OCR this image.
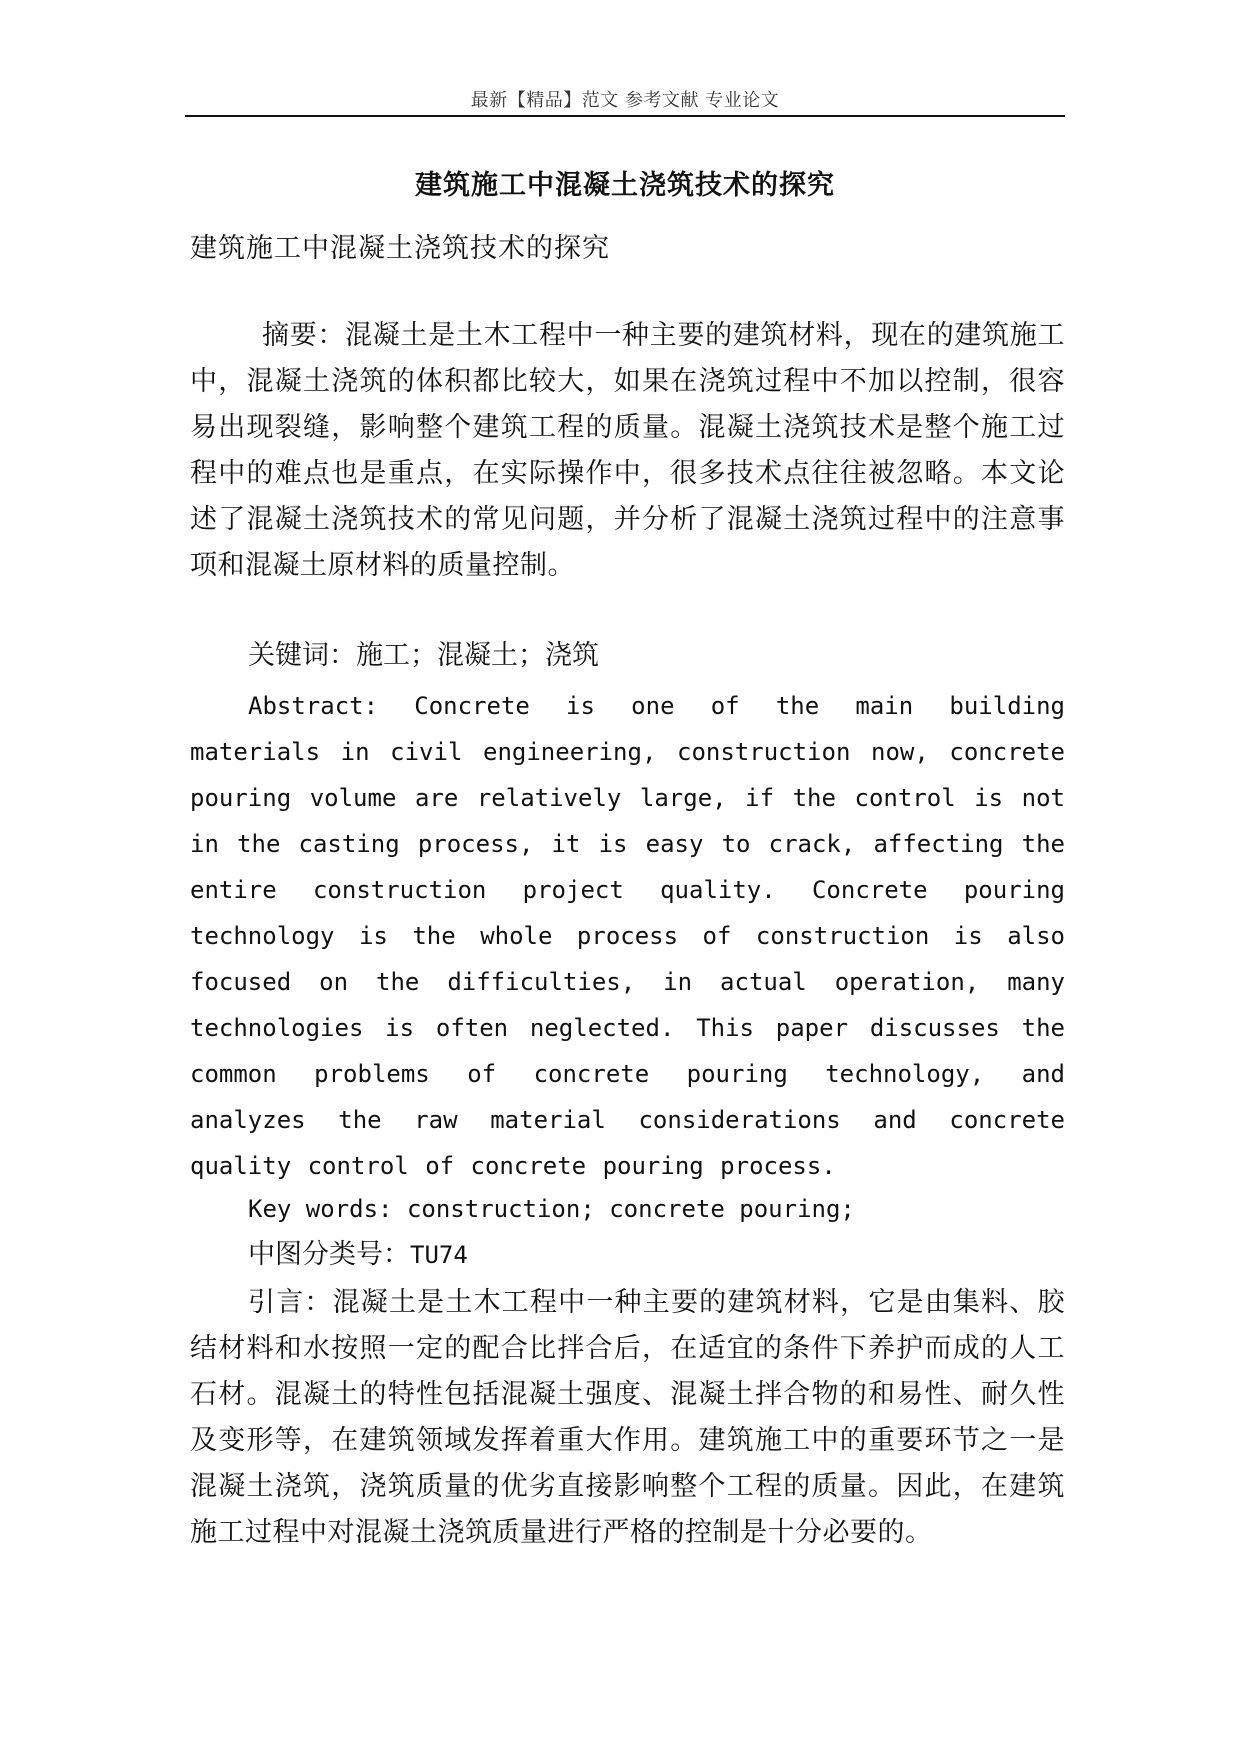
最新【精品】范文 参考文献 专业论文
建筑施工中混凝土浇筑技术的探究
建筑施工中混凝土浇筑技术的探究

摘要：混凝土是土木工程中一种主要的建筑材料，现在的建筑施工中，混凝土浇筑的体积都比较大，如果在浇筑过程中不加以控制，很容易出现裂缝，影响整个建筑工程的质量。混凝土浇筑技术是整个施工过程中的难点也是重点，在实际操作中，很多技术点往往被忽略。本文论述了混凝土浇筑技术的常见问题，并分析了混凝土浇筑过程中的注意事项和混凝土原材料的质量控制。

关键词：施工；混凝土；浇筑

Abstract: Concrete is one of the main building materials in civil engineering, construction now, concrete pouring volume are relatively large, if the control is not in the casting process, it is easy to crack, affecting the entire construction project quality. Concrete pouring technology is the whole process of construction is also focused on the difficulties, in actual operation, many technologies is often neglected. This paper discusses the common problems of concrete pouring technology, and analyzes the raw material considerations and concrete quality control of concrete pouring process.

Key words: construction; concrete pouring;

中图分类号：TU74

引言：混凝土是土木工程中一种主要的建筑材料，它是由集料、胶结材料和水按照一定的配合比拌合后，在适宜的条件下养护而成的人工石材。混凝土的特性包括混凝土强度、混凝土拌合物的和易性、耐久性及变形等，在建筑领域发挥着重大作用。建筑施工中的重要环节之一是混凝土浇筑，浇筑质量的优劣直接影响整个工程的质量。因此，在建筑施工过程中对混凝土浇筑质量进行严格的控制是十分必要的。
